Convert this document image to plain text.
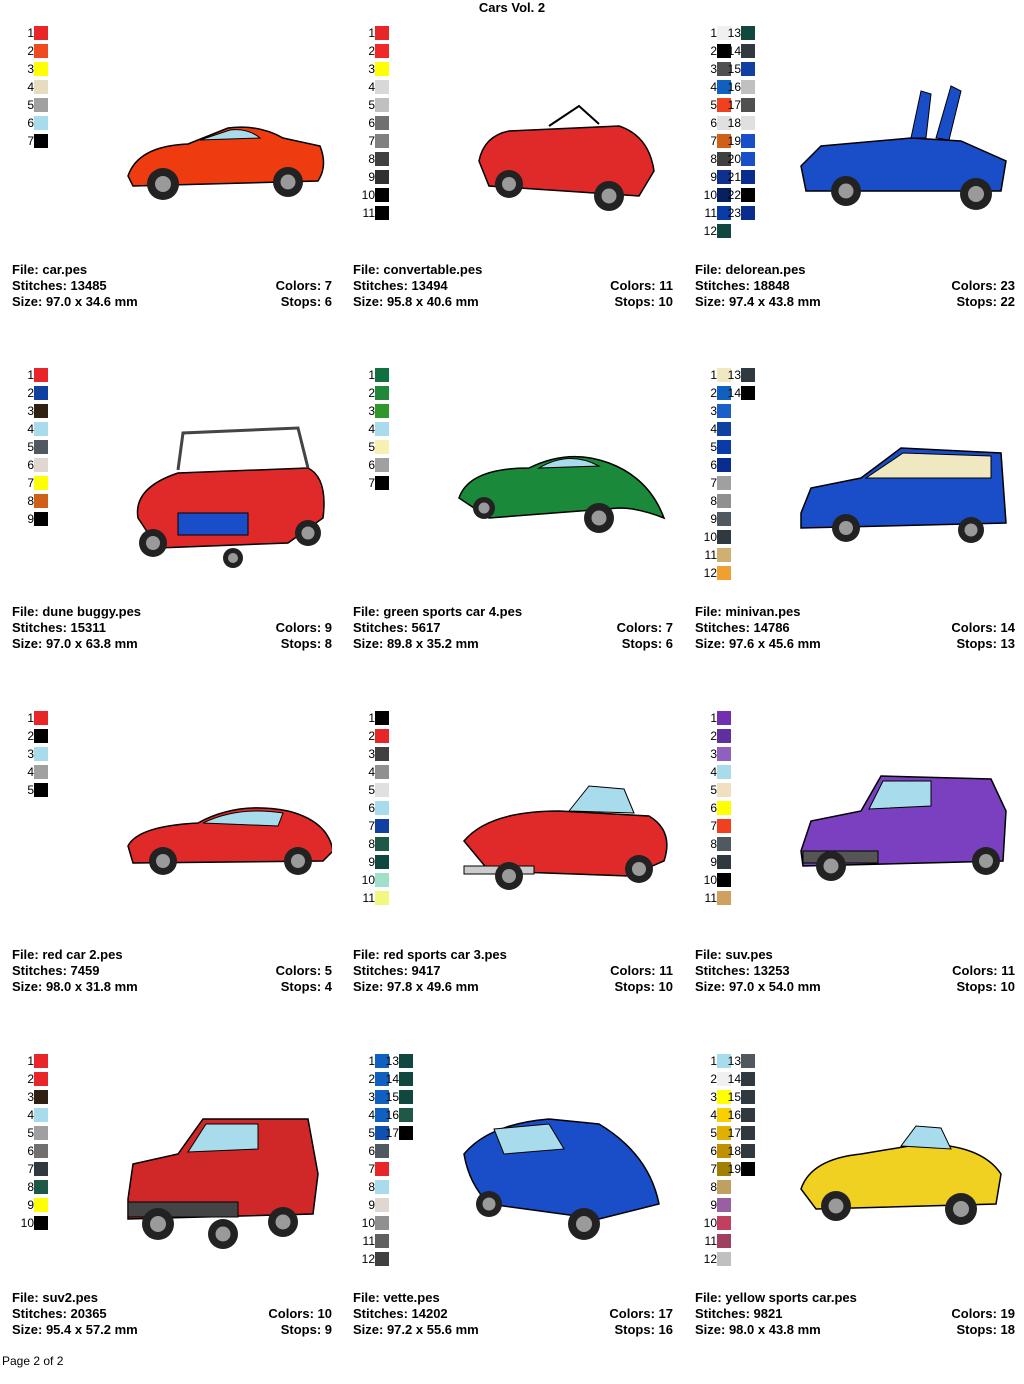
Cars Vol. 2
1
2
3
4
5
6
7
File: car.pes
Stitches: 13485	Colors: 7
Size: 97.0 x 34.6 mm	Stops: 6
1
2
3
4
5
6
7
8
9
10
11
File: convertable.pes
Stitches: 13494	Colors: 11
Size: 95.8 x 40.6 mm	Stops: 10
1
2
3
4
5
6
7
8
9
10
11
12
13
14
15
16
17
18
19
20
21
22
23
File: delorean.pes
Stitches: 18848	Colors: 23
Size: 97.4 x 43.8 mm	Stops: 22
1
2
3
4
5
6
7
8
9
File: dune buggy.pes
Stitches: 15311	Colors: 9
Size: 97.0 x 63.8 mm	Stops: 8
1
2
3
4
5
6
7
File: green sports car 4.pes
Stitches: 5617	Colors: 7
Size: 89.8 x 35.2 mm	Stops: 6
1
2
3
4
5
6
7
8
9
10
11
12
13
14
File: minivan.pes
Stitches: 14786	Colors: 14
Size: 97.6 x 45.6 mm	Stops: 13
1
2
3
4
5
File: red car 2.pes
Stitches: 7459	Colors: 5
Size: 98.0 x 31.8 mm	Stops: 4
1
2
3
4
5
6
7
8
9
10
11
File: red sports car 3.pes
Stitches: 9417	Colors: 11
Size: 97.8 x 49.6 mm	Stops: 10
1
2
3
4
5
6
7
8
9
10
11
File: suv.pes
Stitches: 13253	Colors: 11
Size: 97.0 x 54.0 mm	Stops: 10
1
2
3
4
5
6
7
8
9
10
File: suv2.pes
Stitches: 20365	Colors: 10
Size: 95.4 x 57.2 mm	Stops: 9
1
2
3
4
5
6
7
8
9
10
11
12
13
14
15
16
17
File: vette.pes
Stitches: 14202	Colors: 17
Size: 97.2 x 55.6 mm	Stops: 16
1
2
3
4
5
6
7
8
9
10
11
12
13
14
15
16
17
18
19
File: yellow sports car.pes
Stitches: 9821	Colors: 19
Size: 98.0 x 43.8 mm	Stops: 18
Page 2 of 2
